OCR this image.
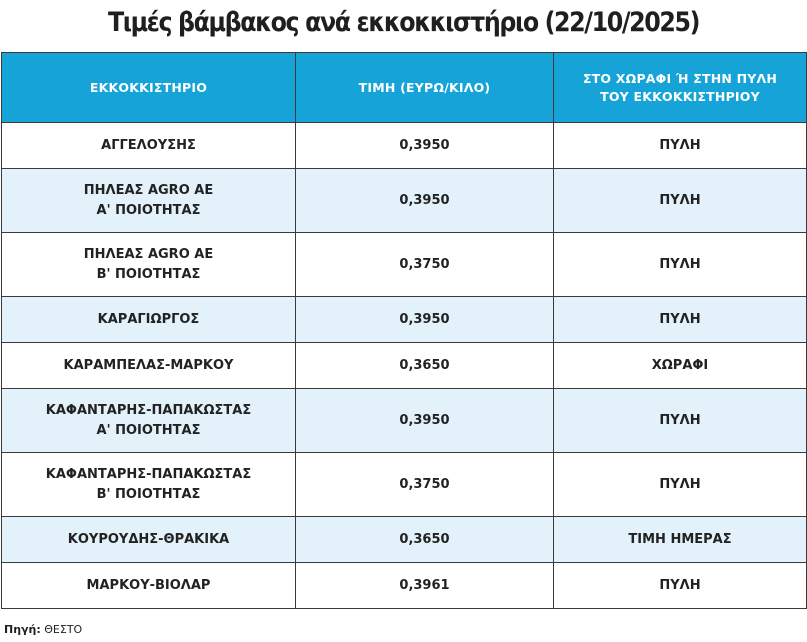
Τιμές βάμβακος ανά εκκοκκιστήριο (22/10/2025)
ΕΚΚΟΚΚΙΣΤΗΡΙΟ	ΤΙΜΗ (ΕΥΡΩ/ΚΙΛΟ)	ΣΤΟ ΧΩΡΑΦΙ Ή ΣΤΗΝ ΠΥΛΗ
ΤΟΥ ΕΚΚΟΚΚΙΣΤΗΡΙΟΥ

ΑΓΓΕΛΟΥΣΗΣ	0,3950	ΠΥΛΗ

ΠΗΛΕΑΣ AGRO AE
Α' ΠΟΙΟΤΗΤΑΣ	0,3950	ΠΥΛΗ

ΠΗΛΕΑΣ AGRO AE
Β' ΠΟΙΟΤΗΤΑΣ	0,3750	ΠΥΛΗ

ΚΑΡΑΓΙΩΡΓΟΣ	0,3950	ΠΥΛΗ

ΚΑΡΑΜΠΕΛΑΣ-ΜΑΡΚΟΥ	0,3650	ΧΩΡΑΦΙ

ΚΑΦΑΝΤΑΡΗΣ-ΠΑΠΑΚΩΣΤΑΣ
Α' ΠΟΙΟΤΗΤΑΣ	0,3950	ΠΥΛΗ

ΚΑΦΑΝΤΑΡΗΣ-ΠΑΠΑΚΩΣΤΑΣ
Β' ΠΟΙΟΤΗΤΑΣ	0,3750	ΠΥΛΗ

ΚΟΥΡΟΥΔΗΣ-ΘΡΑΚΙΚΑ	0,3650	ΤΙΜΗ ΗΜΕΡΑΣ

ΜΑΡΚΟΥ-ΒΙΟΛΑΡ	0,3961	ΠΥΛΗ
Πηγή: ΘΕΣΤΟ
